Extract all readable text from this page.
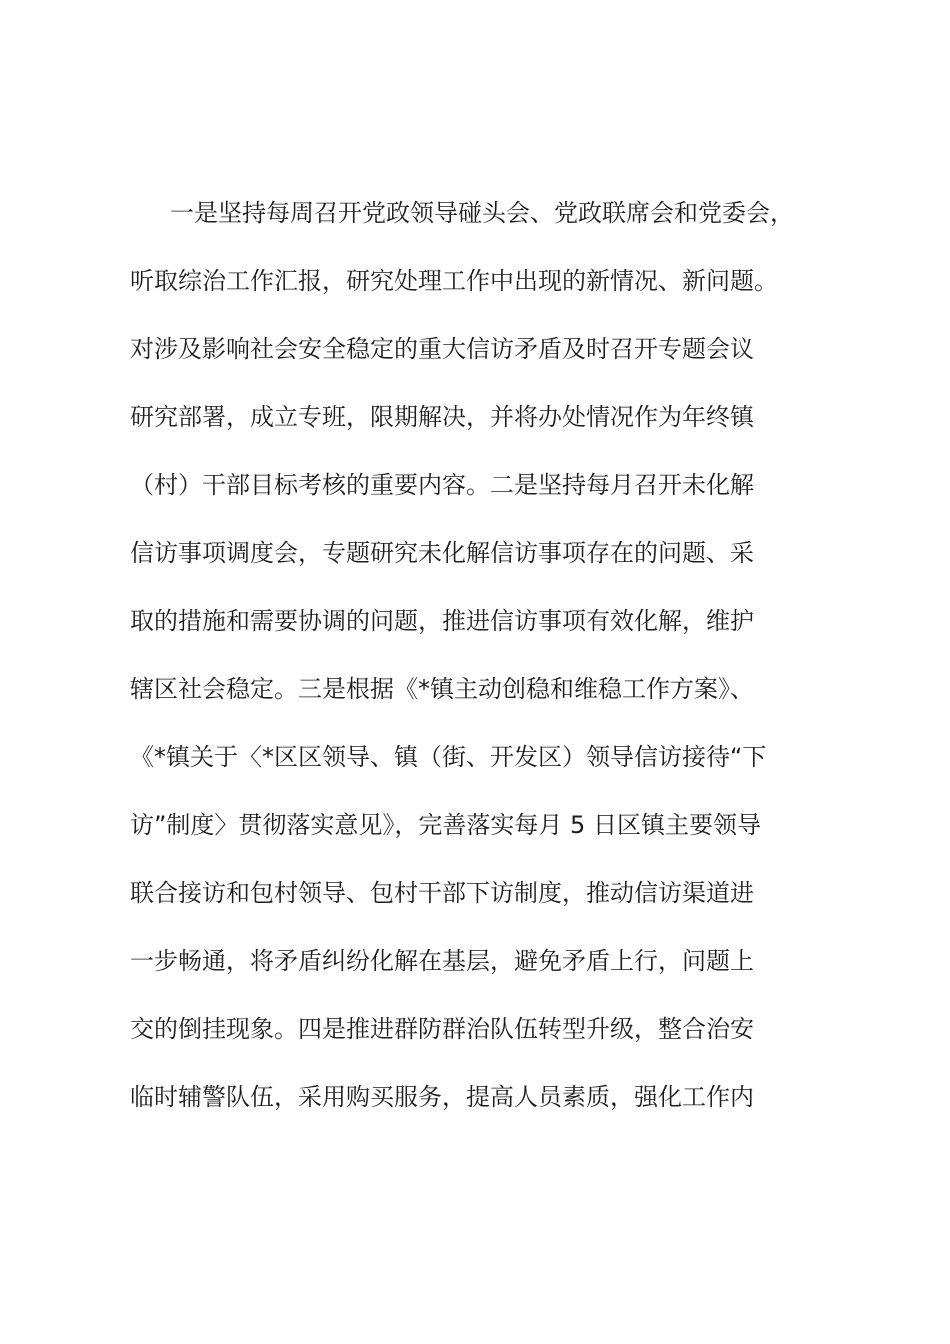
一是坚持每周召开党政领导碰头会、党政联席会和党委会，
听取综治工作汇报，研究处理工作中出现的新情况、新问题。
对涉及影响社会安全稳定的重大信访矛盾及时召开专题会议
研究部署，成立专班，限期解决，并将办处情况作为年终镇
（村）干部目标考核的重要内容。二是坚持每月召开未化解
信访事项调度会，专题研究未化解信访事项存在的问题、采
取的措施和需要协调的问题，推进信访事项有效化解，维护
辖区社会稳定。三是根据《*镇主动创稳和维稳工作方案》、
《*镇关于〈*区区领导、镇（街、开发区）领导信访接待“下
访”制度〉贯彻落实意见》，完善落实每月 5 日区镇主要领导
联合接访和包村领导、包村干部下访制度，推动信访渠道进
一步畅通，将矛盾纠纷化解在基层，避免矛盾上行，问题上
交的倒挂现象。四是推进群防群治队伍转型升级，整合治安
临时辅警队伍，采用购买服务，提高人员素质，强化工作内
